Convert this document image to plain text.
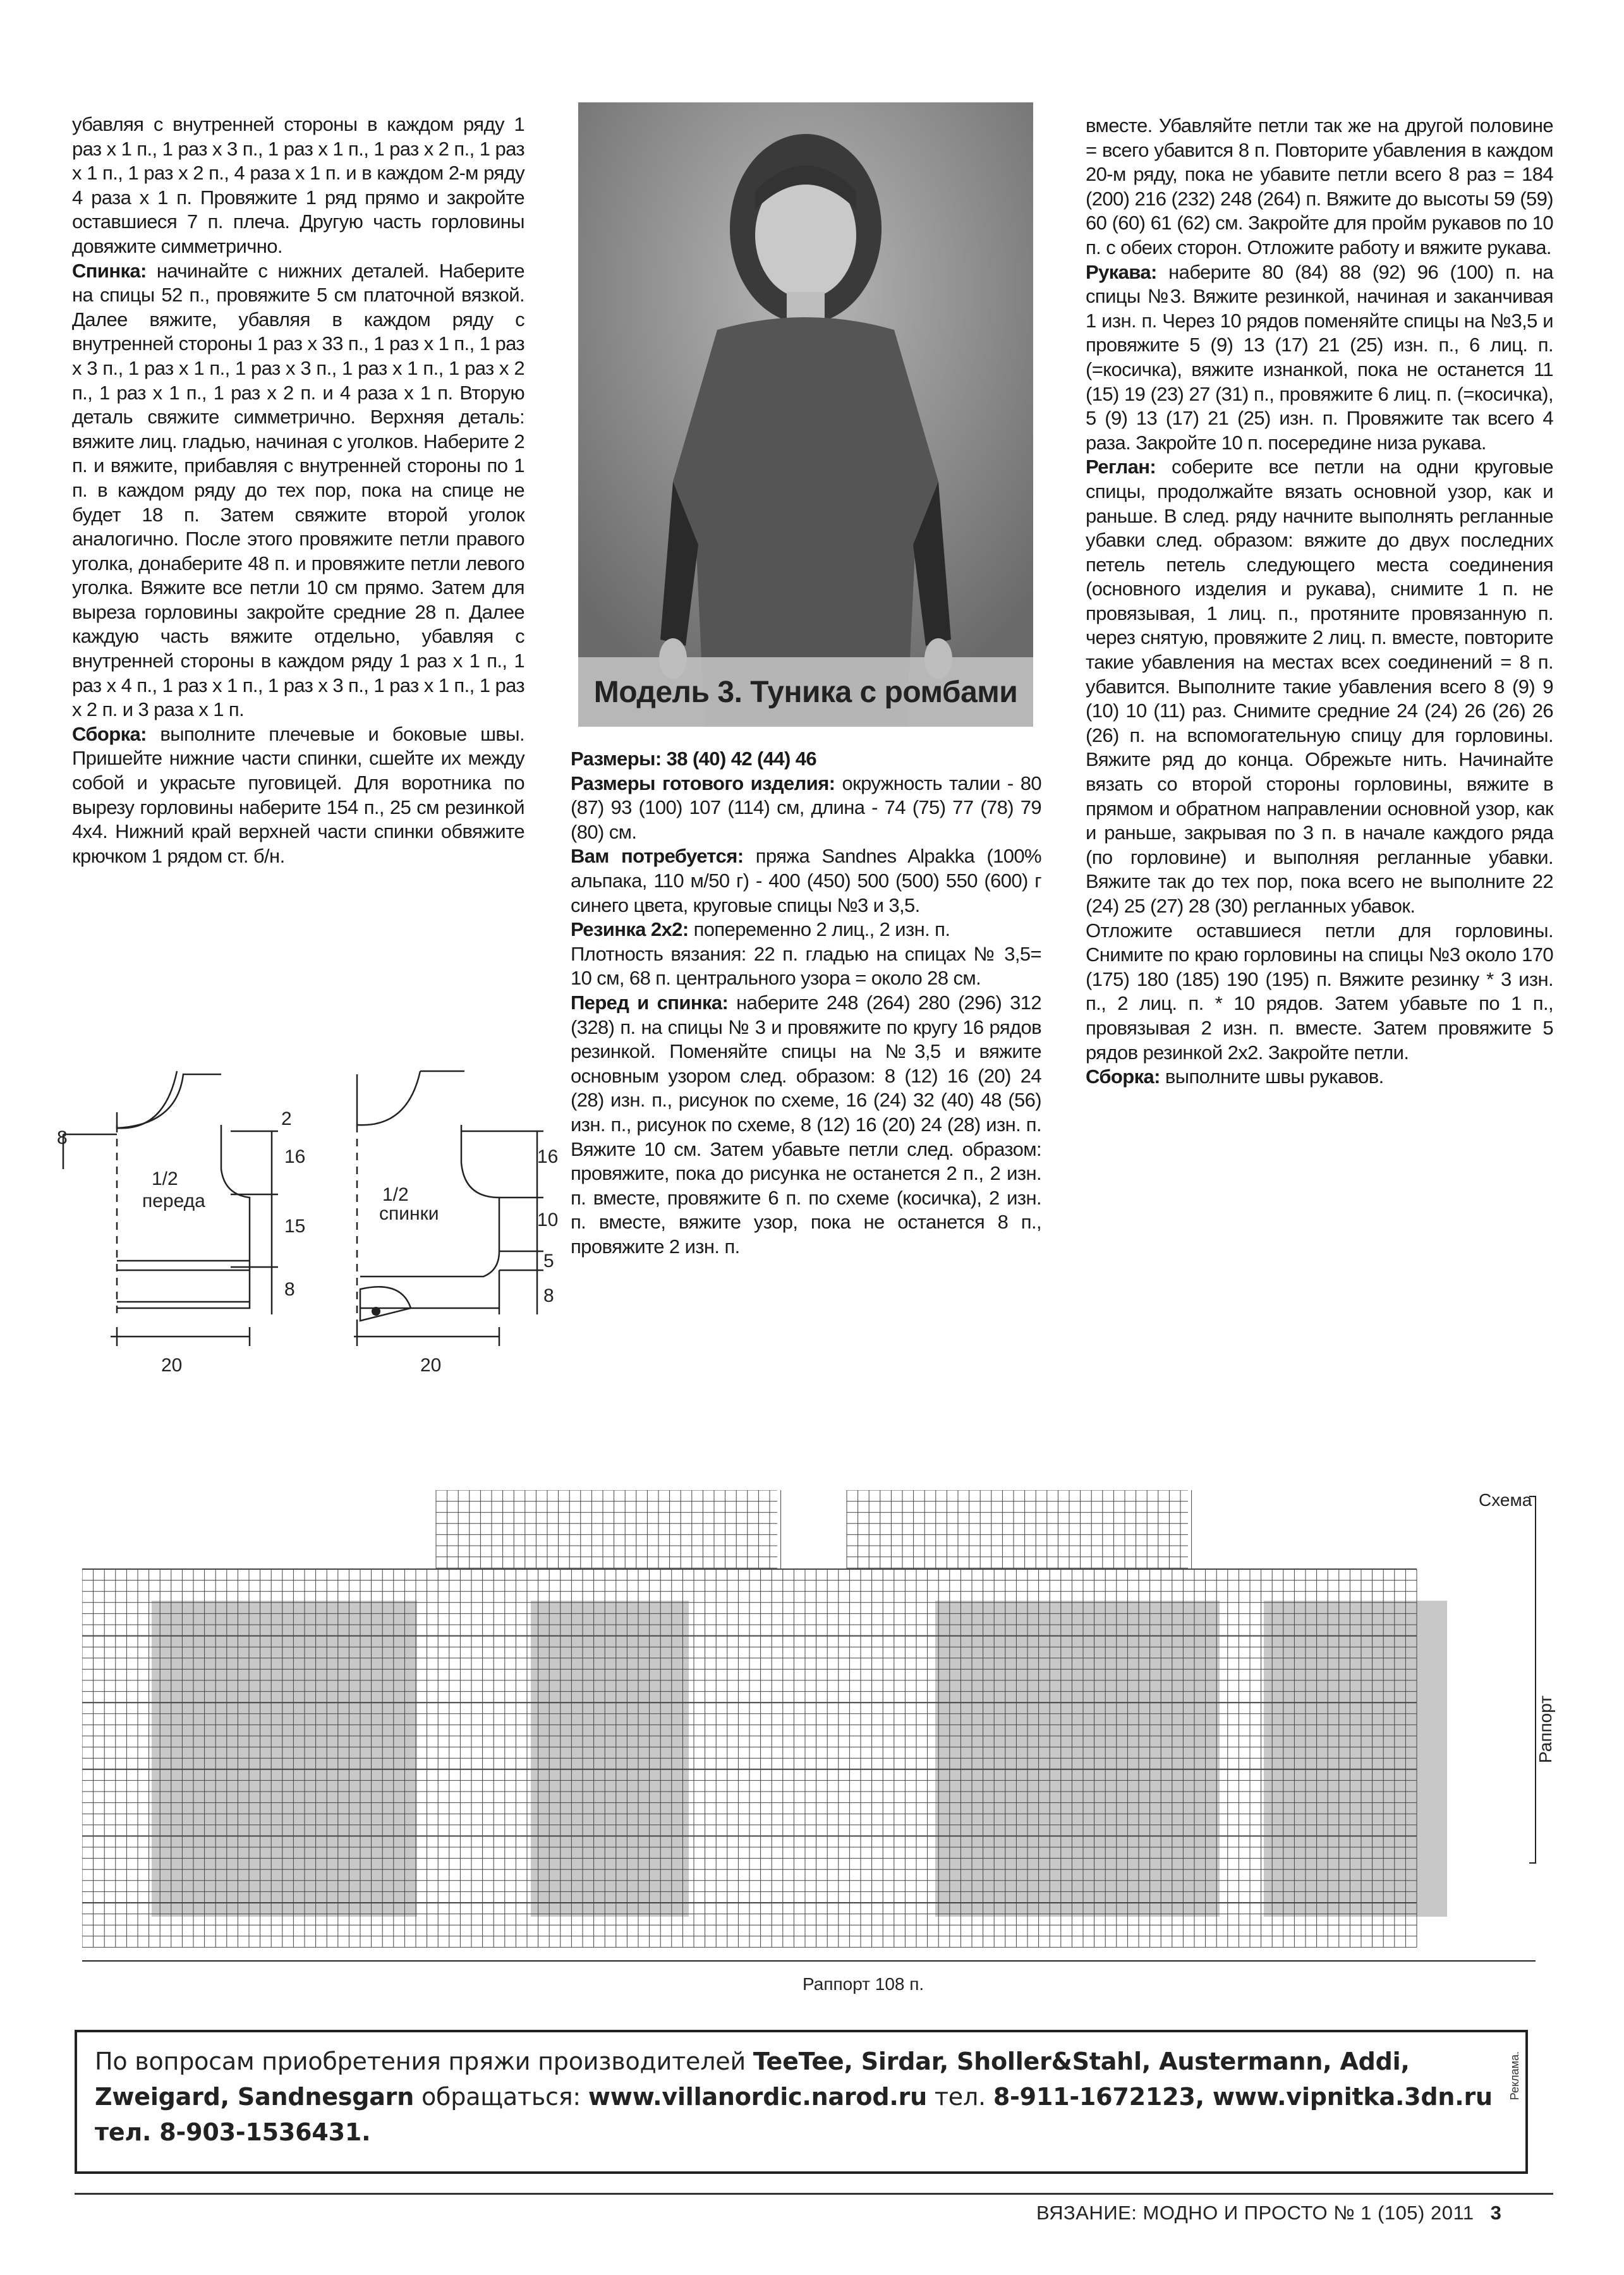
убавляя с внутренней стороны в каждом ряду 1 раз х 1 п., 1 раз х 3 п., 1 раз х 1 п., 1 раз х 2 п., 1 раз х 1 п., 1 раз х 2 п., 4 раза х 1 п. и в каждом 2-м ряду 4 раза х 1 п. Провяжите 1 ряд прямо и закройте оставшиеся 7 п. плеча. Другую часть горловины довяжите симметрично.

Спинка: начинайте с нижних деталей. Наберите на спицы 52 п., провяжите 5 см платочной вязкой. Далее вяжите, убавляя в каждом ряду с внутренней стороны 1 раз х 33 п., 1 раз х 1 п., 1 раз х 3 п., 1 раз х 1 п., 1 раз х 3 п., 1 раз х 1 п., 1 раз х 2 п., 1 раз х 1 п., 1 раз х 2 п. и 4 раза х 1 п. Вторую деталь свяжите симметрично. Верхняя деталь: вяжите лиц. гладью, начиная с уголков. Наберите 2 п. и вяжите, прибавляя с внутренней стороны по 1 п. в каждом ряду до тех пор, пока на спице не будет 18 п. Затем свяжите второй уголок аналогично. После этого провяжите петли правого уголка, донаберите 48 п. и провяжите петли левого уголка. Вяжите все петли 10 см прямо. Затем для выреза горловины закройте средние 28 п. Далее каждую часть вяжите отдельно, убавляя с внутренней стороны в каждом ряду 1 раз х 1 п., 1 раз х 4 п., 1 раз х 1 п., 1 раз х 3 п., 1 раз х 1 п., 1 раз х 2 п. и 3 раза х 1 п.

Сборка: выполните плечевые и боковые швы. Пришейте нижние части спинки, сшейте их между собой и украсьте пуговицей. Для воротника по вырезу горловины наберите 154 п., 25 см резинкой 4х4. Нижний край верхней части спинки обвяжите крючком 1 рядом ст. б/н.

Модель 3. Туника с ромбами

Размеры: 38 (40) 42 (44) 46

Размеры готового изделия: окружность талии - 80 (87) 93 (100) 107 (114) см, длина - 74 (75) 77 (78) 79 (80) см.

Вам потребуется: пряжа Sandnes Alpakka (100% альпака, 110 м/50 г) - 400 (450) 500 (500) 550 (600) г синего цвета, круговые спицы №3 и 3,5.

Резинка 2х2: попеременно 2 лиц., 2 изн. п.

Плотность вязания: 22 п. гладью на спицах № 3,5= 10 см, 68 п. центрального узора = около 28 см.

Перед и спинка: наберите 248 (264) 280 (296) 312 (328) п. на спицы № 3 и провяжите по кругу 16 рядов резинкой. Поменяйте спицы на №3,5 и вяжите основным узором след. образом: 8 (12) 16 (20) 24 (28) изн. п., рисунок по схеме, 16 (24) 32 (40) 48 (56) изн. п., рисунок по схеме, 8 (12) 16 (20) 24 (28) изн. п. Вяжите 10 см. Затем убавьте петли след. образом: провяжите, пока до рисунка не останется 2 п., 2 изн. п. вместе, провяжите 6 п. по схеме (косичка), 2 изн. п. вместе, вяжите узор, пока не останется 8 п., провяжите 2 изн. п.

вместе. Убавляйте петли так же на другой половине = всего убавится 8 п. Повторите убавления в каждом 20-м ряду, пока не убавите петли всего 8 раз = 184 (200) 216 (232) 248 (264) п. Вяжите до высоты 59 (59) 60 (60) 61 (62) см. Закройте для пройм рукавов по 10 п. с обеих сторон. Отложите работу и вяжите рукава.

Рукава: наберите 80 (84) 88 (92) 96 (100) п. на спицы №3. Вяжите резинкой, начиная и заканчивая 1 изн. п. Через 10 рядов поменяйте спицы на №3,5 и провяжите 5 (9) 13 (17) 21 (25) изн. п., 6 лиц. п. (=косичка), вяжите изнанкой, пока не останется 11 (15) 19 (23) 27 (31) п., провяжите 6 лиц. п. (=косичка), 5 (9) 13 (17) 21 (25) изн. п. Провяжите так всего 4 раза. Закройте 10 п. посередине низа рукава.

Реглан: соберите все петли на одни круговые спицы, продолжайте вязать основной узор, как и раньше. В след. ряду начните выполнять регланные убавки след. образом: вяжите до двух последних петель петель следующего места соединения (основного изделия и рукава), снимите 1 п. не провязывая, 1 лиц. п., протяните провязанную п. через снятую, провяжите 2 лиц. п. вместе, повторите такие убавления на местах всех соединений = 8 п. убавится. Выполните такие убавления всего 8 (9) 9 (10) 10 (11) раз. Снимите средние 24 (24) 26 (26) 26 (26) п. на вспомогательную спицу для горловины. Вяжите ряд до конца. Обрежьте нить. Начинайте вязать со второй стороны горловины, вяжите в прямом и обратном направлении основной узор, как и раньше, закрывая по 3 п. в начале каждого ряда (по горловине) и выполняя регланные убавки. Вяжите так до тех пор, пока всего не выполните 22 (24) 25 (27) 28 (30) регланных убавок.

Отложите оставшиеся петли для горловины. Снимите по краю горловины на спицы №3 около 170 (175) 180 (185) 190 (195) п. Вяжите резинку * 3 изн. п., 2 лиц. п. * 10 рядов. Затем убавьте по 1 п., провязывая 2 изн. п. вместе. Затем провяжите 5 рядов резинкой 2х2. Закройте петли.

Сборка: выполните швы рукавов.

8
2
16
15
8
20
1/2
переда
16
10
5
8
20
1/2
спинки
Схема
Раппорт
Раппорт 108 п.
По вопросам приобретения пряжи производителей TeeTee, Sirdar, Sholler&Stahl, Austermann, Addi,
Zweigard, Sandnesgarn обращаться: www.villanordic.narod.ru тел. 8-911-1672123, www.vipnitka.3dn.ru
тел. 8-903-1536431.
Реклама.
ВЯЗАНИЕ: МОДНО И ПРОСТО № 1 (105) 2011 3
